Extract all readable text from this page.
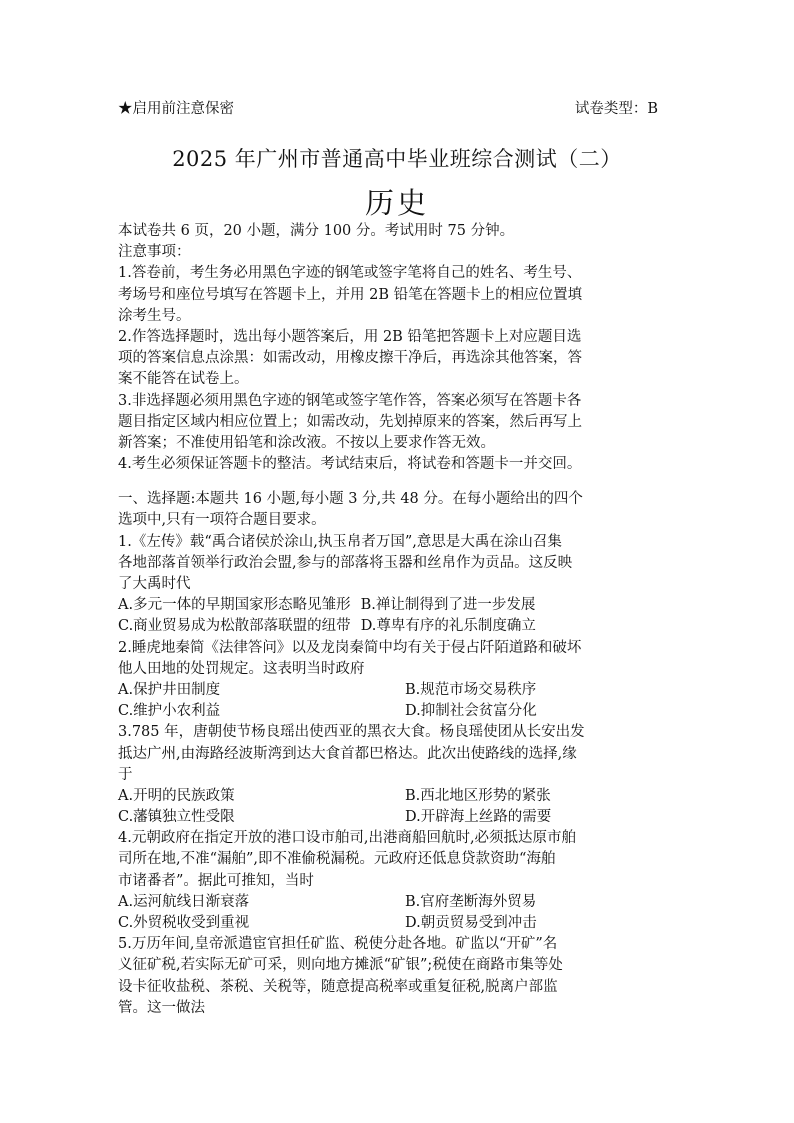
★启用前注意保密	试卷类型：B
2025 年广州市普通高中毕业班综合测试（二）
历史
本试卷共 6 页，20 小题，满分 100 分。考试用时 75 分钟。
注意事项：
1.答卷前，考生务必用黑色字迹的钢笔或签字笔将自己的姓名、考生号、
考场号和座位号填写在答题卡上，并用 2B 铅笔在答题卡上的相应位置填
涂考生号。
2.作答选择题时，选出每小题答案后，用 2B 铅笔把答题卡上对应题目选
项的答案信息点涂黑：如需改动，用橡皮擦干净后，再选涂其他答案，答
案不能答在试卷上。
3.非选择题必须用黑色字迹的钢笔或签字笔作答，答案必须写在答题卡各
题目指定区域内相应位置上；如需改动，先划掉原来的答案，然后再写上
新答案；不准使用铅笔和涂改液。不按以上要求作答无效。
4.考生必须保证答题卡的整洁。考试结束后，将试卷和答题卡一并交回。
一、选择题:本题共 16 小题,每小题 3 分,共 48 分。在每小题给出的四个
选项中,只有一项符合题目要求。
1.《左传》载“禹合诸侯於涂山,执玉帛者万国”,意思是大禹在涂山召集
各地部落首领举行政治会盟,参与的部落将玉器和丝帛作为贡品。这反映
了大禹时代
A.多元一体的早期国家形态略见雏形 B.禅让制得到了进一步发展
C.商业贸易成为松散部落联盟的纽带 D.尊卑有序的礼乐制度确立
2.睡虎地秦简《法律答问》以及龙岗秦简中均有关于侵占阡陌道路和破坏
他人田地的处罚规定。这表明当时政府
A.保护井田制度	B.规范市场交易秩序
C.维护小农利益	D.抑制社会贫富分化
3.785 年，唐朝使节杨良瑶出使西亚的黑衣大食。杨良瑶使团从长安出发
抵达广州,由海路经波斯湾到达大食首都巴格达。此次出使路线的选择,缘
于
A.开明的民族政策	B.西北地区形势的紧张
C.藩镇独立性受限	D.开辟海上丝路的需要
4.元朝政府在指定开放的港口设市舶司,出港商船回航时,必须抵达原市舶
司所在地,不准“漏舶”,即不准偷税漏税。元政府还低息贷款资助“海舶
市诸番者”。据此可推知，当时
A.运河航线日渐衰落	B.官府垄断海外贸易
C.外贸税收受到重视	D.朝贡贸易受到冲击
5.万历年间,皇帝派遣宦官担任矿监、税使分赴各地。矿监以“开矿”名
义征矿税,若实际无矿可采，则向地方摊派“矿银”;税使在商路市集等处
设卡征收盐税、茶税、关税等，随意提高税率或重复征税,脱离户部监
管。这一做法
